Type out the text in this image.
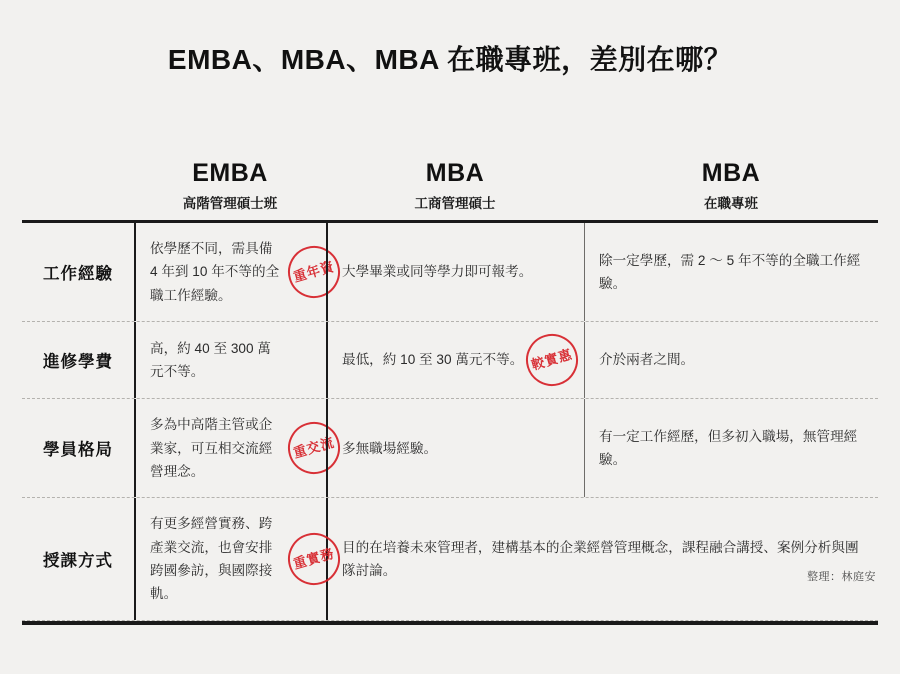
EMBA、MBA、MBA 在職專班，差別在哪？
EMBA
高階管理碩士班
MBA
工商管理碩士
MBA
在職專班
工作經驗
依學歷不同，需具備 4 年到 10 年不等的全職工作經驗。
重年資 大學畢業或同等學力即可報考。
除一定學歷，需 2 ～ 5 年不等的全職工作經驗。
進修學費
高，約 40 至 300 萬元不等。
最低，約 10 至 30 萬元不等。 較實惠 介於兩者之間。
學員格局
多為中高階主管或企業家，可互相交流經營理念。
重交流 多無職場經驗。
有一定工作經歷，但多初入職場，無管理經驗。
授課方式
有更多經營實務、跨產業交流，也會安排跨國參訪，與國際接軌。
重實務 目的在培養未來管理者，建構基本的企業經營管理概念，課程融合講授、案例分析與團隊討論。	整理：林庭安
